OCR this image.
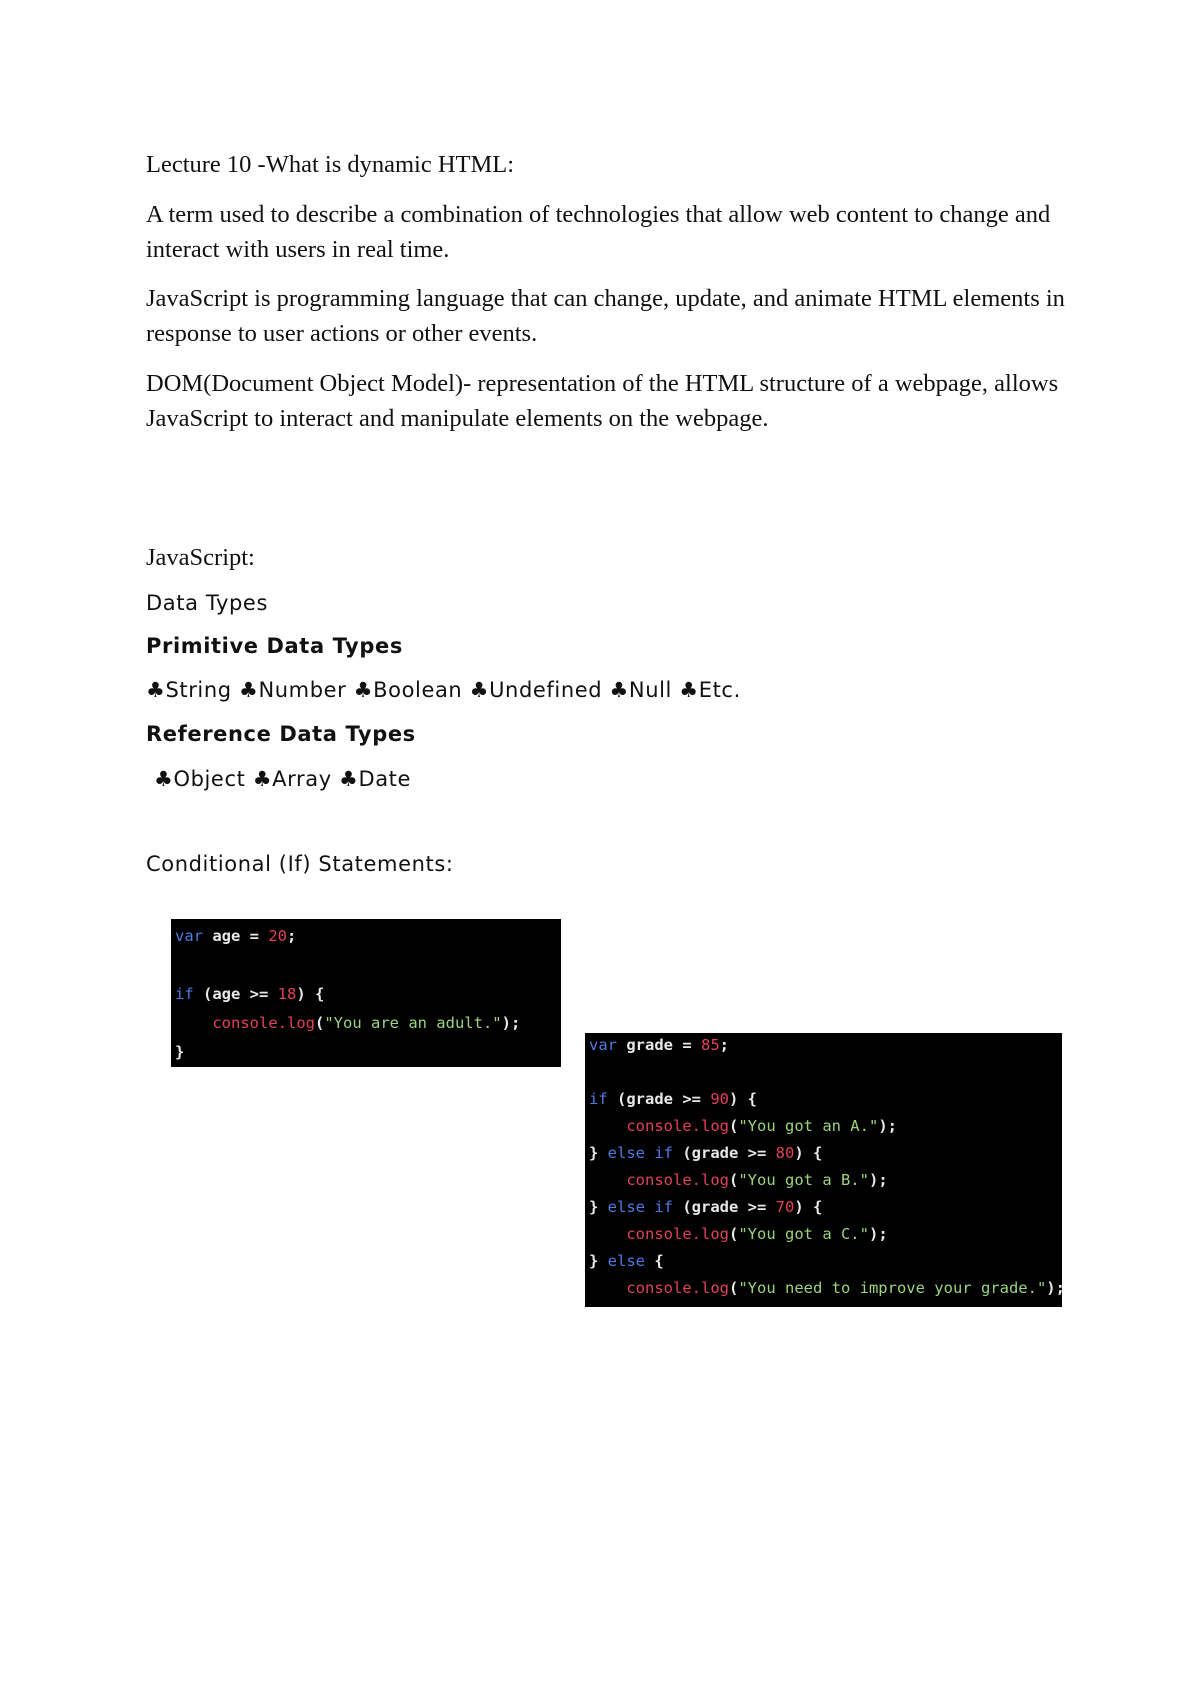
Lecture 10 -What is dynamic HTML:

A term used to describe a combination of technologies that allow web content to change and interact with users in real time.

JavaScript is programming language that can change, update, and animate HTML elements in response to user actions or other events.

DOM(Document Object Model)- representation of the HTML structure of a webpage, allows JavaScript to interact and manipulate elements on the webpage.

JavaScript:

Data Types

Primitive Data Types

♣String ♣Number ♣Boolean ♣Undefined ♣Null ♣Etc.

Reference Data Types

♣Object ♣Array ♣Date

Conditional (If) Statements:

var age = 20;
if (age >= 18) {
console.log("You are an adult.");
}	var grade = 85;
if (grade >= 90) {
console.log("You got an A.");
} else if (grade >= 80) {
console.log("You got a B.");
} else if (grade >= 70) {
console.log("You got a C.");
} else {
console.log("You need to improve your grade.");
